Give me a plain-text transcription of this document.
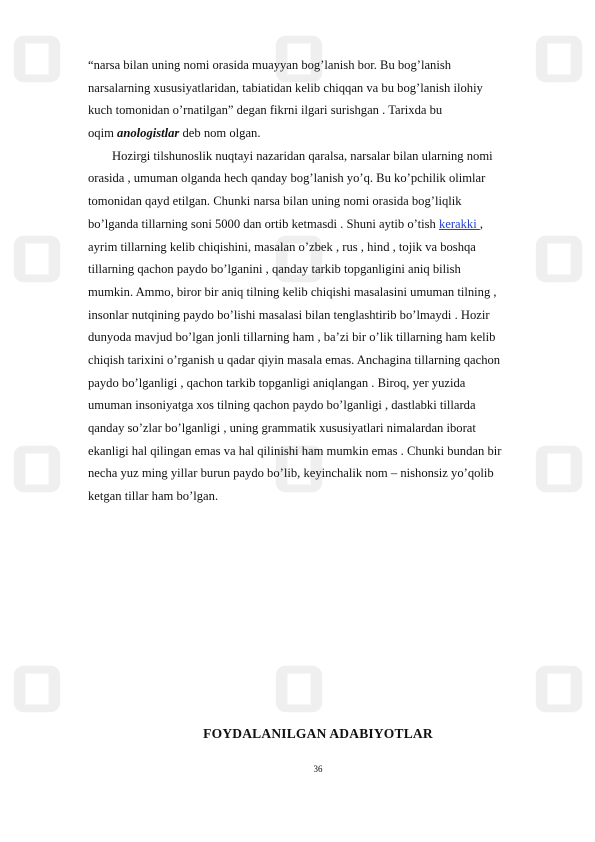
“narsa bilan uning nomi orasida muayyan bog’lanish bor. Bu bog’lanish
narsalarning xususiyatlaridan, tabiatidan kelib chiqqan va bu bog’lanish ilohiy
kuch tomonidan o’rnatilgan” degan fikrni ilgari surishgan . Tarixda bu
oqim anologistlar deb nom olgan.
Hozirgi tilshunoslik nuqtayi nazaridan qaralsa, narsalar bilan ularning nomi
orasida , umuman olganda hech qanday bog’lanish yo’q. Bu ko’pchilik olimlar
tomonidan qayd etilgan. Chunki narsa bilan uning nomi orasida bog’liqlik
bo’lganda tillarning soni 5000 dan ortib ketmasdi . Shuni aytib o’tish kerakki ,
ayrim tillarning kelib chiqishini, masalan o’zbek , rus , hind , tojik va boshqa
tillarning qachon paydo bo’lganini , qanday tarkib topganligini aniq bilish
mumkin. Ammo, biror bir aniq tilning kelib chiqishi masalasini umuman tilning ,
insonlar nutqining paydo bo’lishi masalasi bilan tenglashtirib bo’lmaydi . Hozir
dunyoda mavjud bo’lgan jonli tillarning ham , ba’zi bir o’lik tillarning ham kelib
chiqish tarixini o’rganish u qadar qiyin masala emas. Anchagina tillarning qachon
paydo bo’lganligi , qachon tarkib topganligi aniqlangan . Biroq, yer yuzida
umuman insoniyatga xos tilning qachon paydo bo’lganligi , dastlabki tillarda
qanday so’zlar bo’lganligi , uning grammatik xususiyatlari nimalardan iborat
ekanligi hal qilingan emas va hal qilinishi ham mumkin emas . Chunki bundan bir
necha yuz ming yillar burun paydo bo’lib, keyinchalik nom – nishonsiz yo’qolib
ketgan tillar ham bo’lgan.
FOYDALANILGAN ADABIYOTLAR
36
